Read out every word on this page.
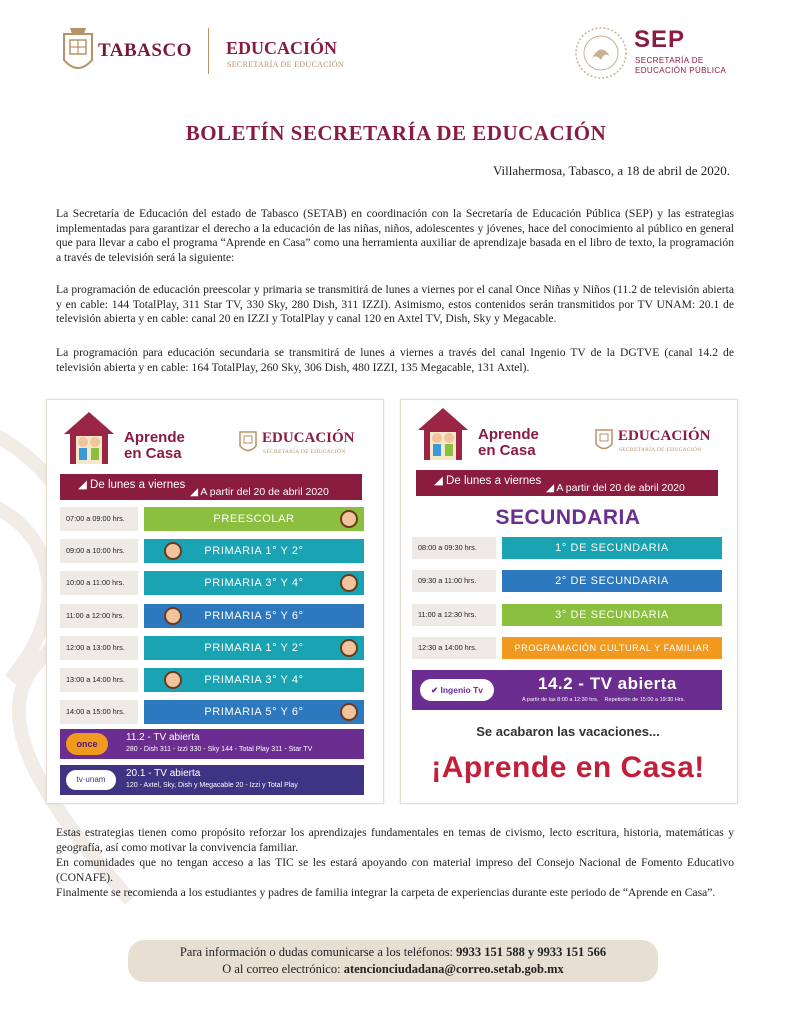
TABASCO EDUCACIÓN
SECRETARÍA DE EDUCACIÓN
SEP
SECRETARÍA DE
EDUCACIÓN PÚBLICA
BOLETÍN SECRETARÍA DE EDUCACIÓN
Villahermosa, Tabasco, a 18 de abril de 2020.
La Secretaría de Educación del estado de Tabasco (SETAB) en coordinación con la Secretaría de Educación Pública (SEP) y las estrategias implementadas para garantizar el derecho a la educación de las niñas, niños, adolescentes y jóvenes, hace del conocimiento al público en general que para llevar a cabo el programa “Aprende en Casa” como una herramienta auxiliar de aprendizaje basada en el libro de texto, la programación a través de televisión será la siguiente:
La programación de educación preescolar y primaria se transmitirá de lunes a viernes por el canal Once Niñas y Niños (11.2 de televisión abierta y en cable: 144 TotalPlay, 311 Star TV, 330 Sky, 280 Dish, 311 IZZI). Asimismo, estos contenidos serán transmitidos por TV UNAM: 20.1 de televisión abierta y en cable: canal 20 en IZZI y TotalPlay y canal 120 en Axtel TV, Dish, Sky y Megacable.
La programación para educación secundaria se transmitirá de lunes a viernes a través del canal Ingenio TV de la DGTVE (canal 14.2 de televisión abierta y en cable: 164 TotalPlay, 260 Sky, 306 Dish, 480 IZZI, 135 Megacable, 131 Axtel).
Aprende
en Casa
EDUCACIÓN
SECRETARÍA DE EDUCACIÓN
◢ De lunes a viernes
◢ A partir del 20 de abril 2020
07:00 a 09:00 hrs.	PREESCOLAR
09:00 a 10:00 hrs.	PRIMARIA 1° Y 2°
10:00 a 11:00 hrs.	PRIMARIA 3° Y 4°
11:00 a 12:00 hrs.	PRIMARIA 5° Y 6°
12:00 a 13:00 hrs.	PRIMARIA 1° Y 2°
13:00 a 14:00 hrs.	PRIMARIA 3° Y 4°
14:00 a 15:00 hrs.	PRIMARIA 5° Y 6°
once
11.2 - TV abierta
280 - Dish 311 - Izzi 330 - Sky 144 - Total Play 311 - Star TV
tv·unam
20.1 - TV abierta
120 - Axtel, Sky, Dish y Megacable 20 - Izzi y Total Play
Aprende
en Casa
EDUCACIÓN
SECRETARÍA DE EDUCACIÓN
◢ De lunes a viernes
◢ A partir del 20 de abril 2020
SECUNDARIA
08:00 a 09:30 hrs.	1° DE SECUNDARIA
09:30 a 11:00 hrs.	2° DE SECUNDARIA
11:00 a 12:30 hrs.	3° DE SECUNDARIA
12:30 a 14:00 hrs.	PROGRAMACIÓN CULTURAL Y FAMILIAR
✔ Ingenio Tv	14.2 - TV abierta
A partir de las 8:00 a 12:30 hrs.    Repetición de 15:00 a 19:30 Hrs.
Se acabaron las vacaciones...
¡Aprende en Casa!
Estas estrategias tienen como propósito reforzar los aprendizajes fundamentales en temas de civismo, lecto escritura, historia, matemáticas y geografía, así como motivar la convivencia familiar.
En comunidades que no tengan acceso a las TIC se les estará apoyando con material impreso del Consejo Nacional de Fomento Educativo (CONAFE).
Finalmente se recomienda a los estudiantes y padres de familia integrar la carpeta de experiencias durante este periodo de “Aprende en Casa”.
Para información o dudas comunicarse a los teléfonos: 9933 151 588 y 9933 151 566
O al correo electrónico: atencionciudadana@correo.setab.gob.mx
